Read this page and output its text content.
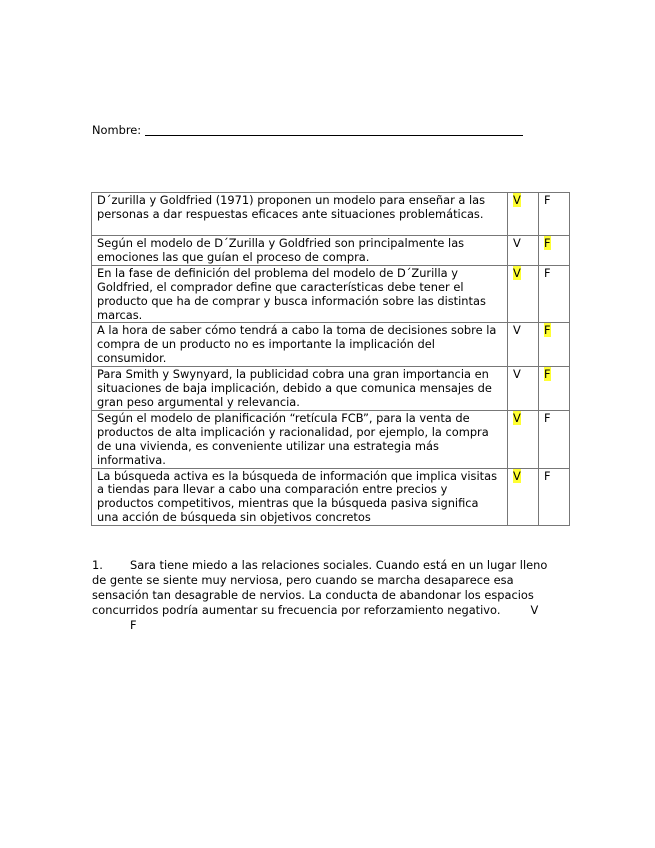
Nombre:
D´zurilla y Goldfried (1971) proponen un modelo para enseñar a las personas a dar respuestas eficaces ante situaciones problemáticas.	V	F
Según el modelo de D´Zurilla y Goldfried son principalmente las emociones las que guían el proceso de compra.	V	F
En la fase de definición del problema del modelo de D´Zurilla y Goldfried, el comprador define que características debe tener el producto que ha de comprar y busca información sobre las distintas marcas.	V	F
A la hora de saber cómo tendrá a cabo la toma de decisiones sobre la compra de un producto no es importante la implicación del consumidor.	V	F
Para Smith y Swynyard, la publicidad cobra una gran importancia en situaciones de baja implicación, debido a que comunica mensajes de gran peso argumental y relevancia.	V	F
Según el modelo de planificación “retícula FCB”, para la venta de productos de alta implicación y racionalidad, por ejemplo, la compra de una vivienda, es conveniente utilizar una estrategia más informativa.	V	F
La búsqueda activa es la búsqueda de información que implica visitas a tiendas para llevar a cabo una comparación entre precios y productos competitivos, mientras que la búsqueda pasiva significa una acción de búsqueda sin objetivos concretos	V	F
1. Sara tiene miedo a las relaciones sociales. Cuando está en un lugar lleno de gente se siente muy nerviosa, pero cuando se marcha desaparece esa sensación tan desagrable de nervios. La conducta de abandonar los espacios concurridos podría aumentar su frecuencia por reforzamiento negativo.	V
F
